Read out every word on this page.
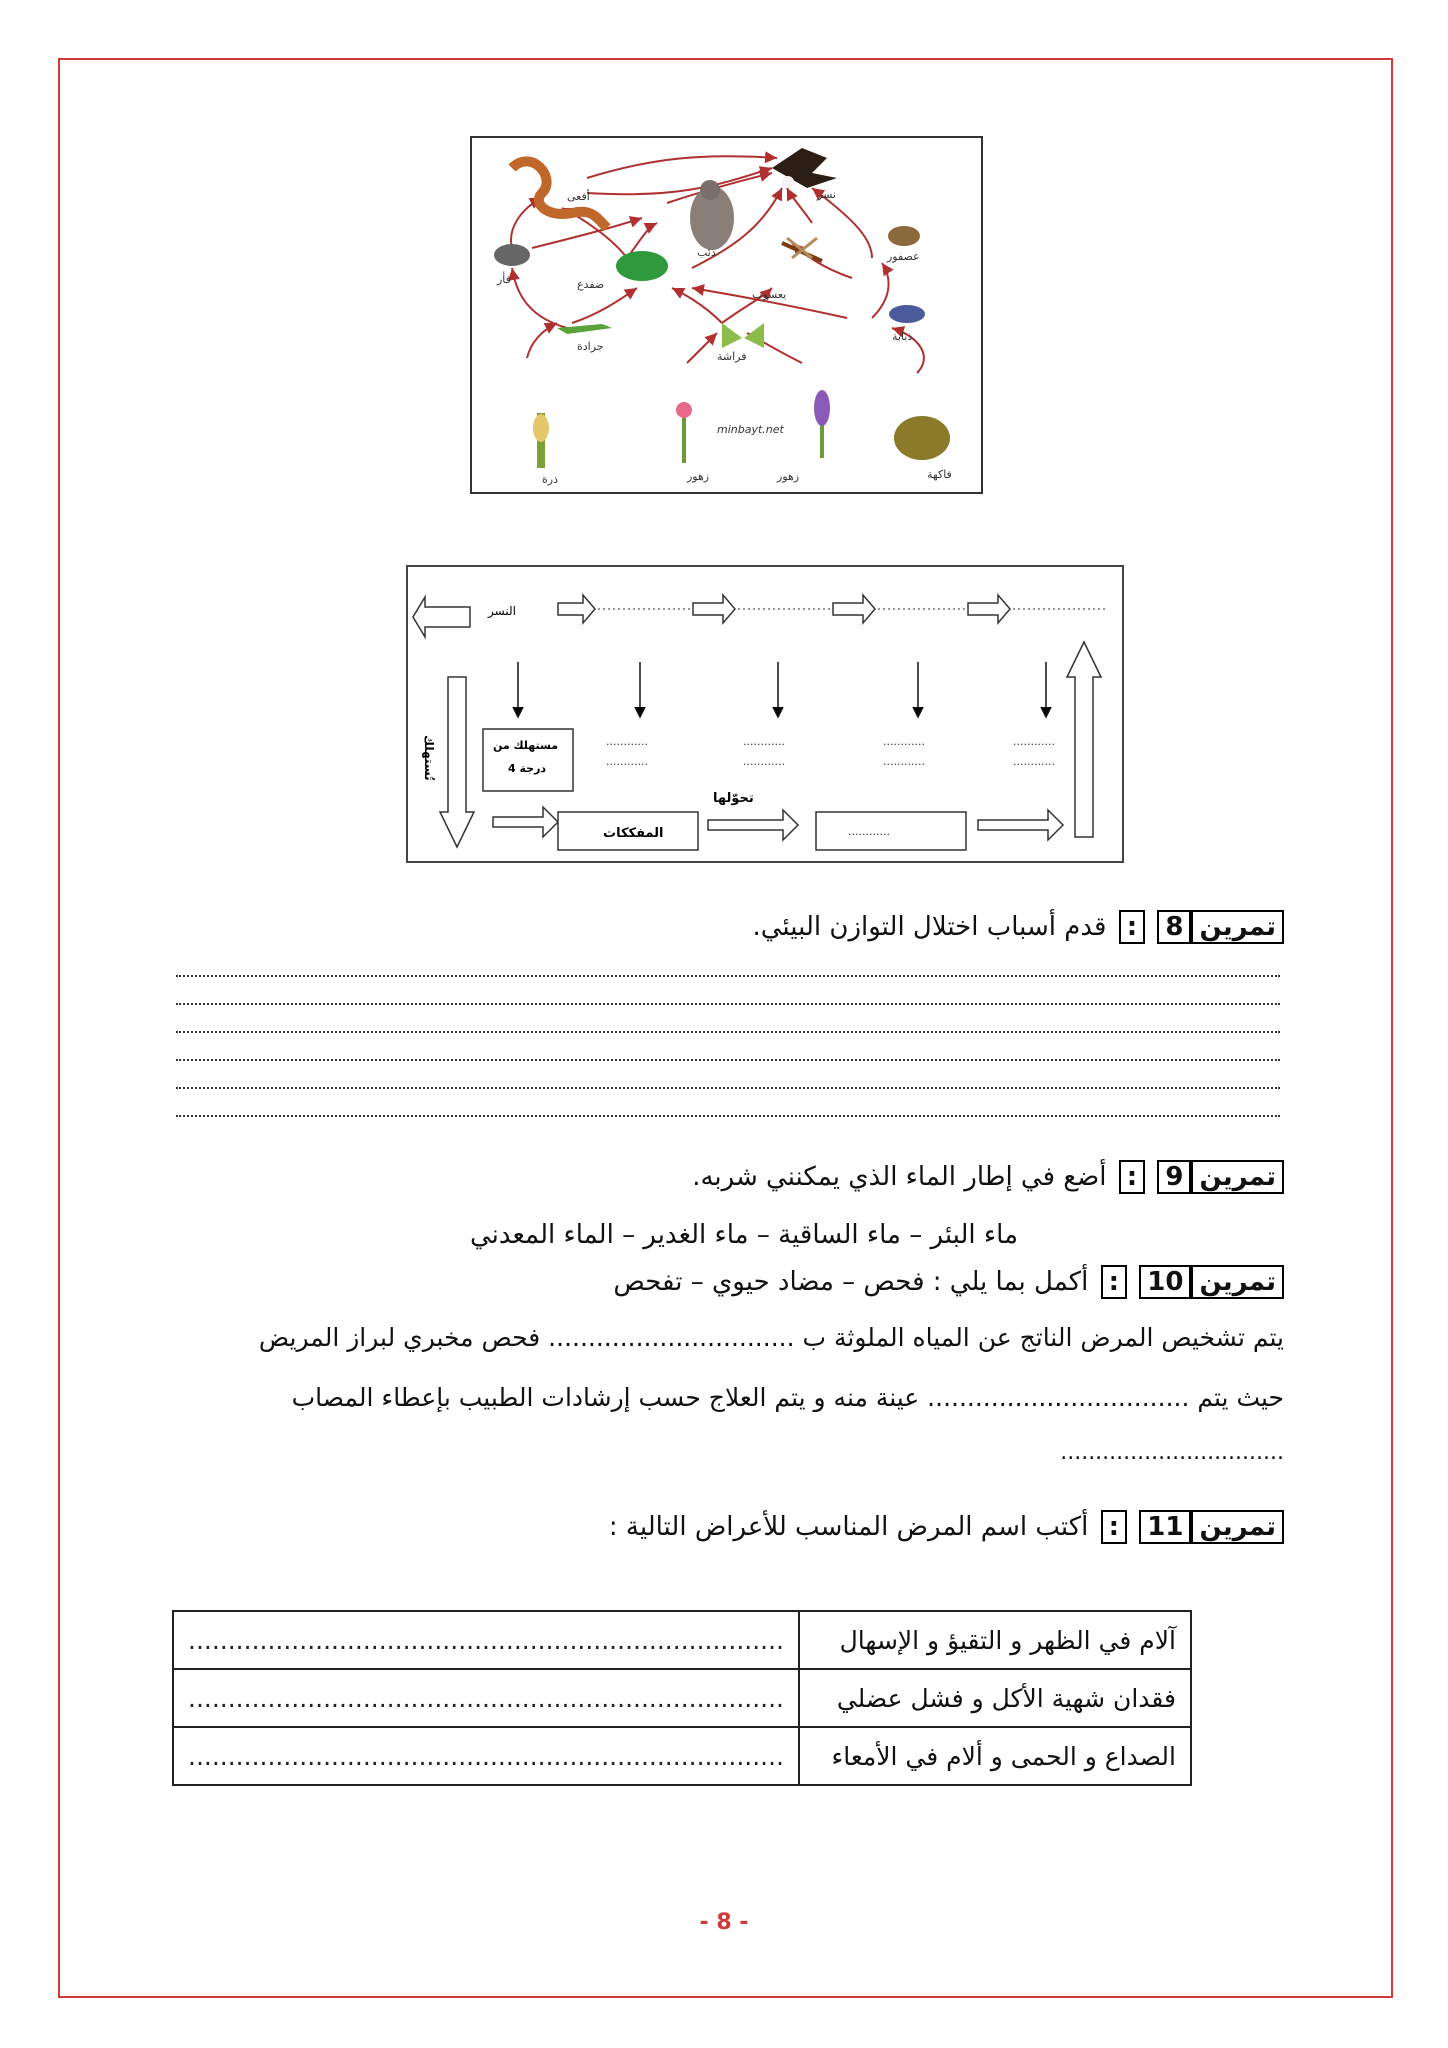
أفعى	نسر
ذئب	عصفور
فأر	ضفدع
يعسوب
ذبابة
جرادة
فراشة
ذرة	زهور	زهور	فاكهة
minbayt.net
مستهلك من
درجة 4
المفككات
تحوّلها
النسر
تُستهلك	............
............
............
............
............
............
............
............
............
تمرين8 : قدم أسباب اختلال التوازن البيئي.
تمرين9 : أضع في إطار الماء الذي يمكنني شربه.
ماء البئر – ماء الساقية – ماء الغدير – الماء المعدني
تمرين10 : أكمل بما يلي : فحص – مضاد حيوي – تفحص
يتم تشخيص المرض الناتج عن المياه الملوثة ب ............................... فحص مخبري لبراز المريض
حيث يتم ................................. عينة منه و يتم العلاج حسب إرشادات الطبيب بإعطاء المصاب
................................
تمرين11 : أكتب اسم المرض المناسب للأعراض التالية :
آلام في الظهر و التقيؤ و الإسهال	...........................................................................
فقدان شهية الأكل و فشل عضلي	...........................................................................
الصداع و الحمى و ألام في الأمعاء	...........................................................................
- 8 -
